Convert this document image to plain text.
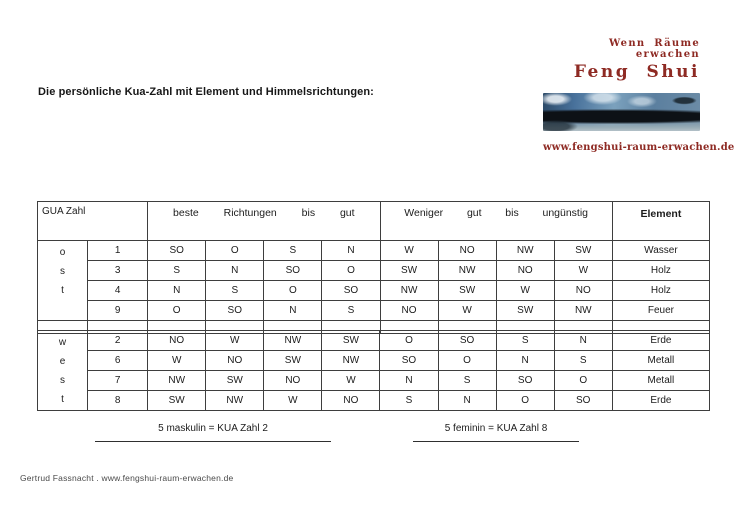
Die persönliche Kua-Zahl mit Element und Himmelsrichtungen:
Wenn Räume erwachen
Feng Shui
www.fengshui-raum-erwachen.de
GUA Zahl		beste Richtungen bis gut				Weniger gut bis ungünstig				Element

o
s
t	1	SO	O	S	N	W	NO	NW	SW	Wasser
	3	S	N	SO	O	SW	NW	NO	W	Holz
	4	N	S	O	SO	NW	SW	W	NO	Holz
	9	O	SO	N	S	NO	W	SW	NW	Feuer

w
e
s
t	2	NO	W	NW	SW	O	SO	S	N	Erde
	6	W	NO	SW	NW	SO	O	N	S	Metall
	7	NW	SW	NO	W	N	S	SO	O	Metall
	8	SW	NW	W	NO	S	N	O	SO	Erde
5 maskulin = KUA Zahl 2	5 feminin = KUA Zahl 8
Gertrud Fassnacht . www.fengshui-raum-erwachen.de
